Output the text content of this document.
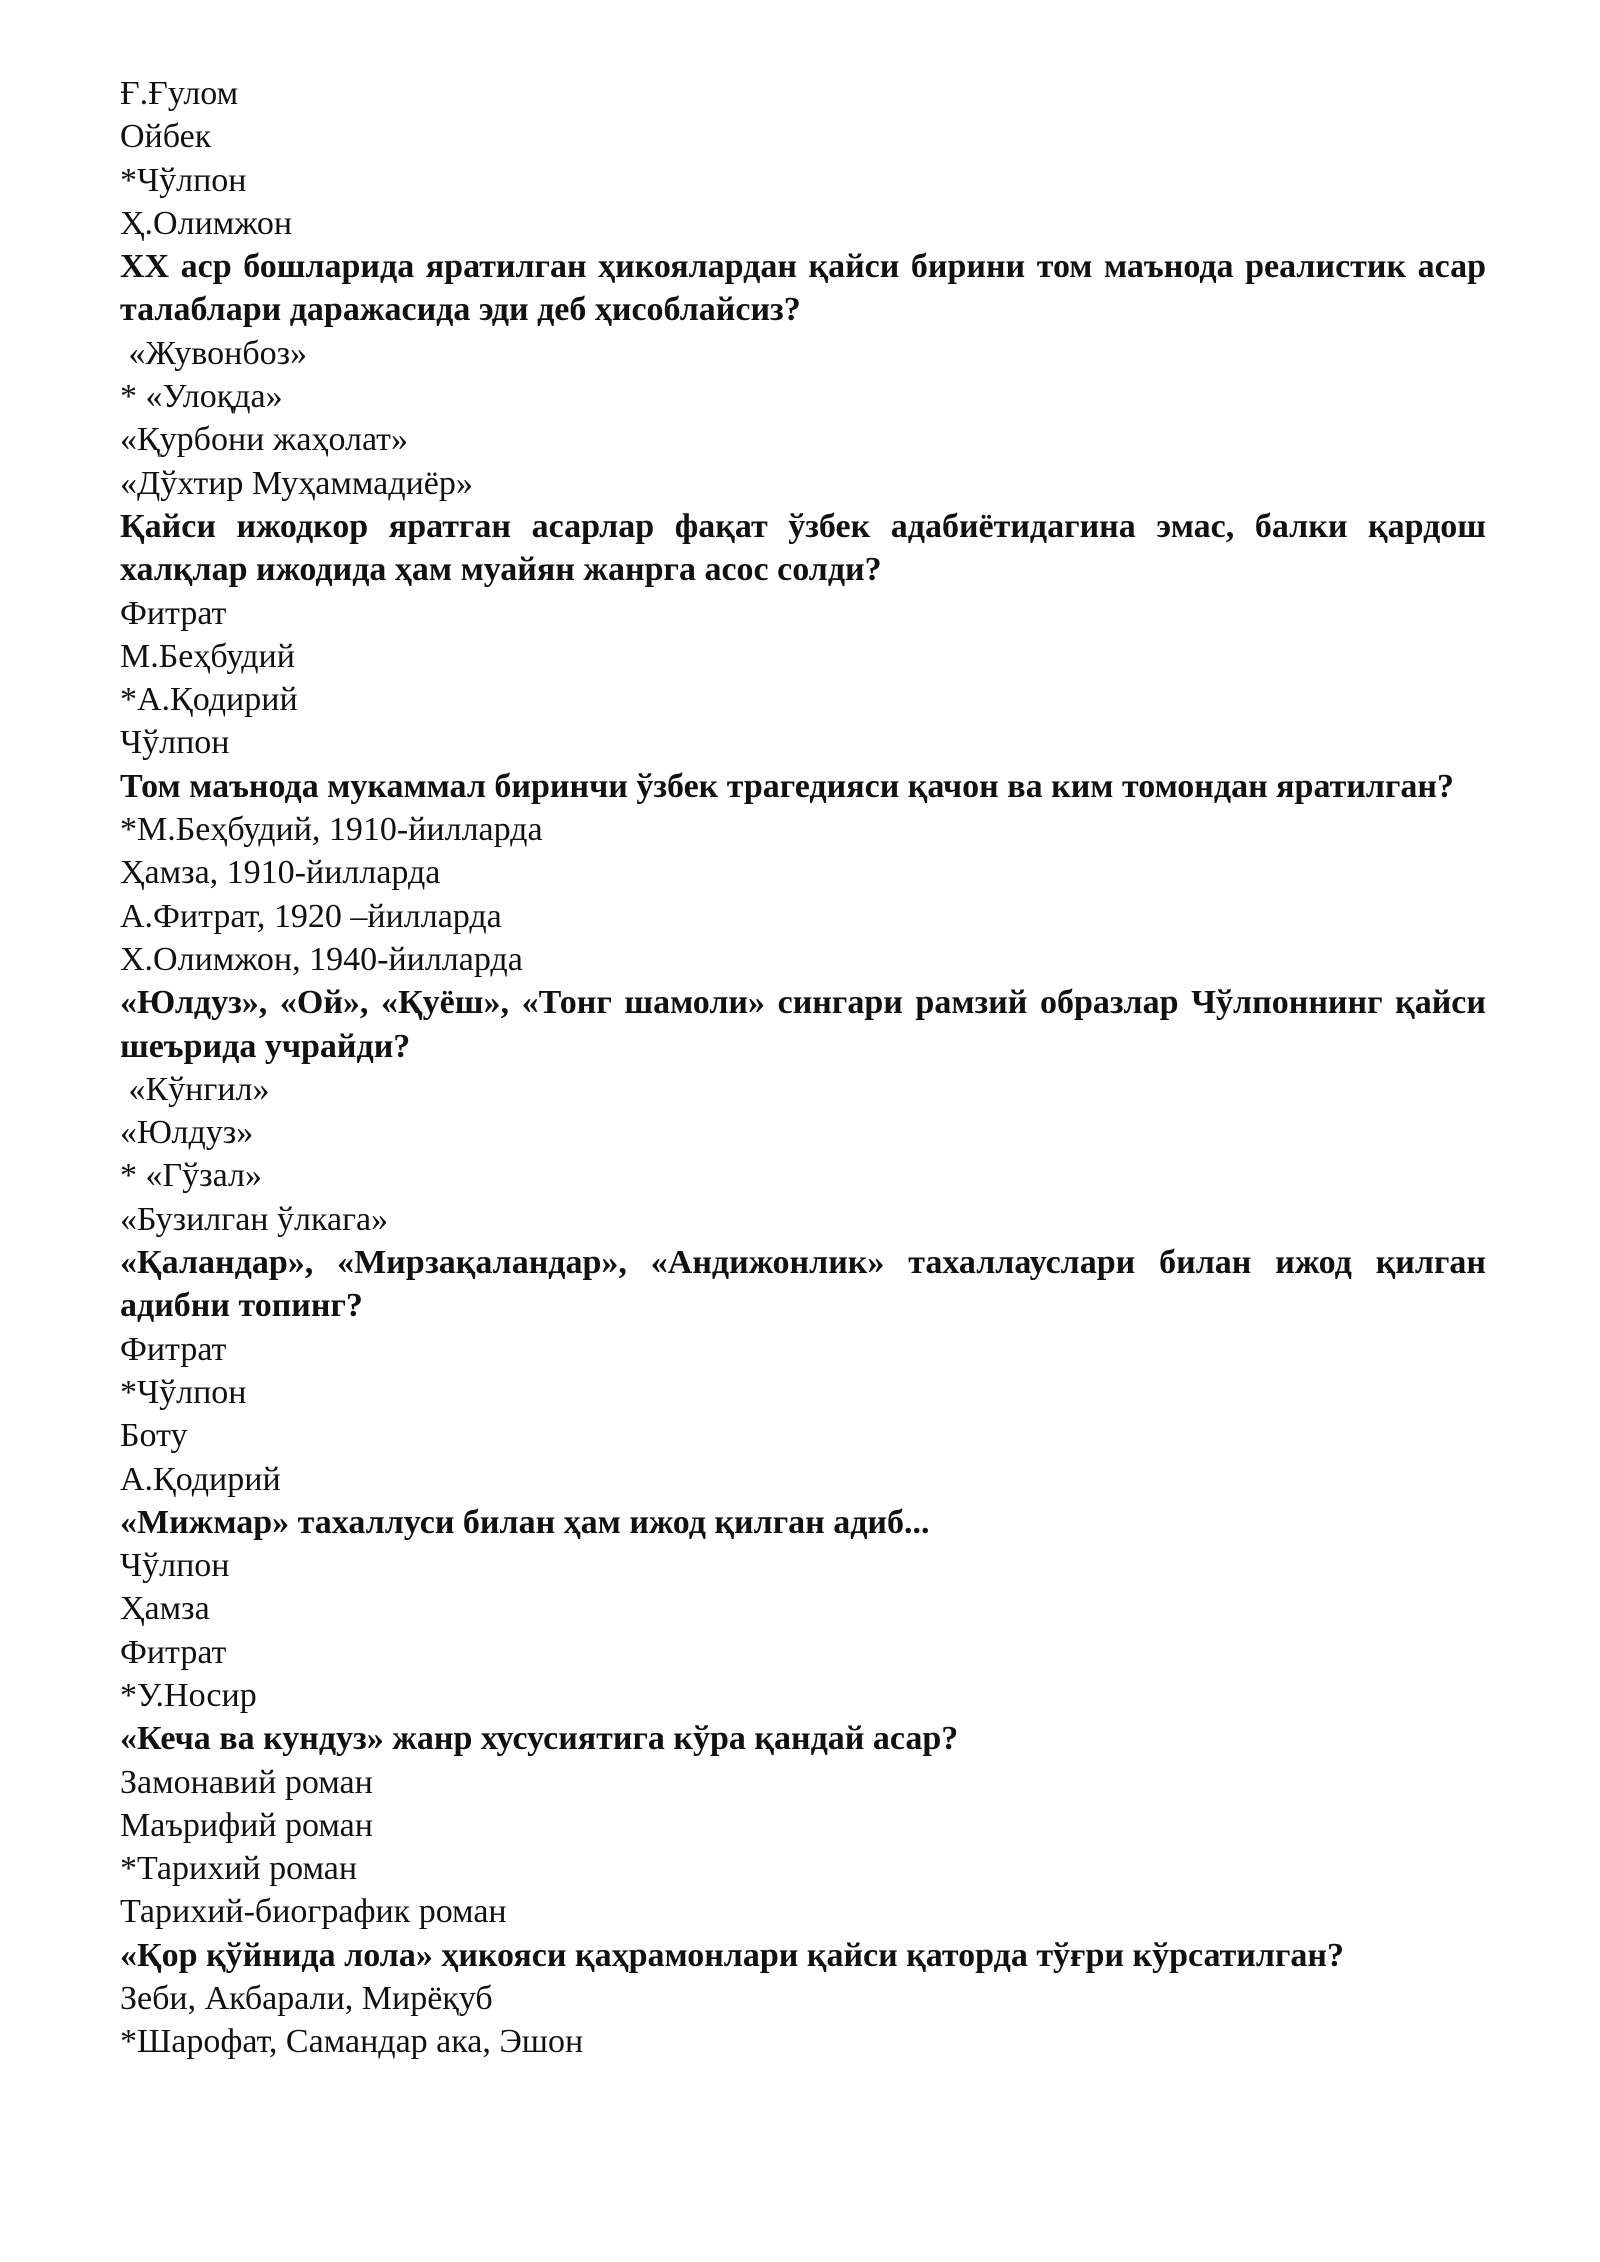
Ғ.Ғулом
Ойбек
*Чўлпон
Ҳ.Олимжон
XX аср бошларида яратилган ҳикоялардан қайси бирини том маънода реалистик асар талаблари даражасида эди деб ҳисоблайсиз?
«Жувонбоз»
* «Улоқда»
«Қурбони жаҳолат»
«Дўхтир Муҳаммадиёр»
Қайси ижодкор яратган асарлар фақат ўзбек адабиётидагина эмас, балки қардош халқлар ижодида ҳам муайян жанрга асос солди?
Фитрат
М.Беҳбудий
*А.Қодирий
Чўлпон
Том маънода мукаммал биринчи ўзбек трагедияси қачон ва ким томондан яратилган?
*М.Беҳбудий, 1910-йилларда
Ҳамза, 1910-йилларда
А.Фитрат, 1920 –йилларда
Х.Олимжон, 1940-йилларда
«Юлдуз», «Ой», «Қуёш», «Тонг шамоли» сингари рамзий образлар Чўлпоннинг қайси шеърида учрайди?
«Кўнгил»
«Юлдуз»
* «Гўзал»
«Бузилган ўлкага»
«Қаландар», «Мирзақаландар», «Андижонлик» тахаллауслари билан ижод қилган адибни топинг?
Фитрат
*Чўлпон
Боту
А.Қодирий
«Мижмар» тахаллуси билан ҳам ижод қилган адиб...
Чўлпон
Ҳамза
Фитрат
*У.Носир
«Кеча ва кундуз» жанр хусусиятига кўра қандай асар?
Замонавий роман
Маърифий роман
*Тарихий роман
Тарихий-биографик роман
«Қор қўйнида лола» ҳикояси қаҳрамонлари қайси қаторда тўғри кўрсатилган?
Зеби, Акбарали, Мирёқуб
*Шарофат, Самандар ака, Эшон
